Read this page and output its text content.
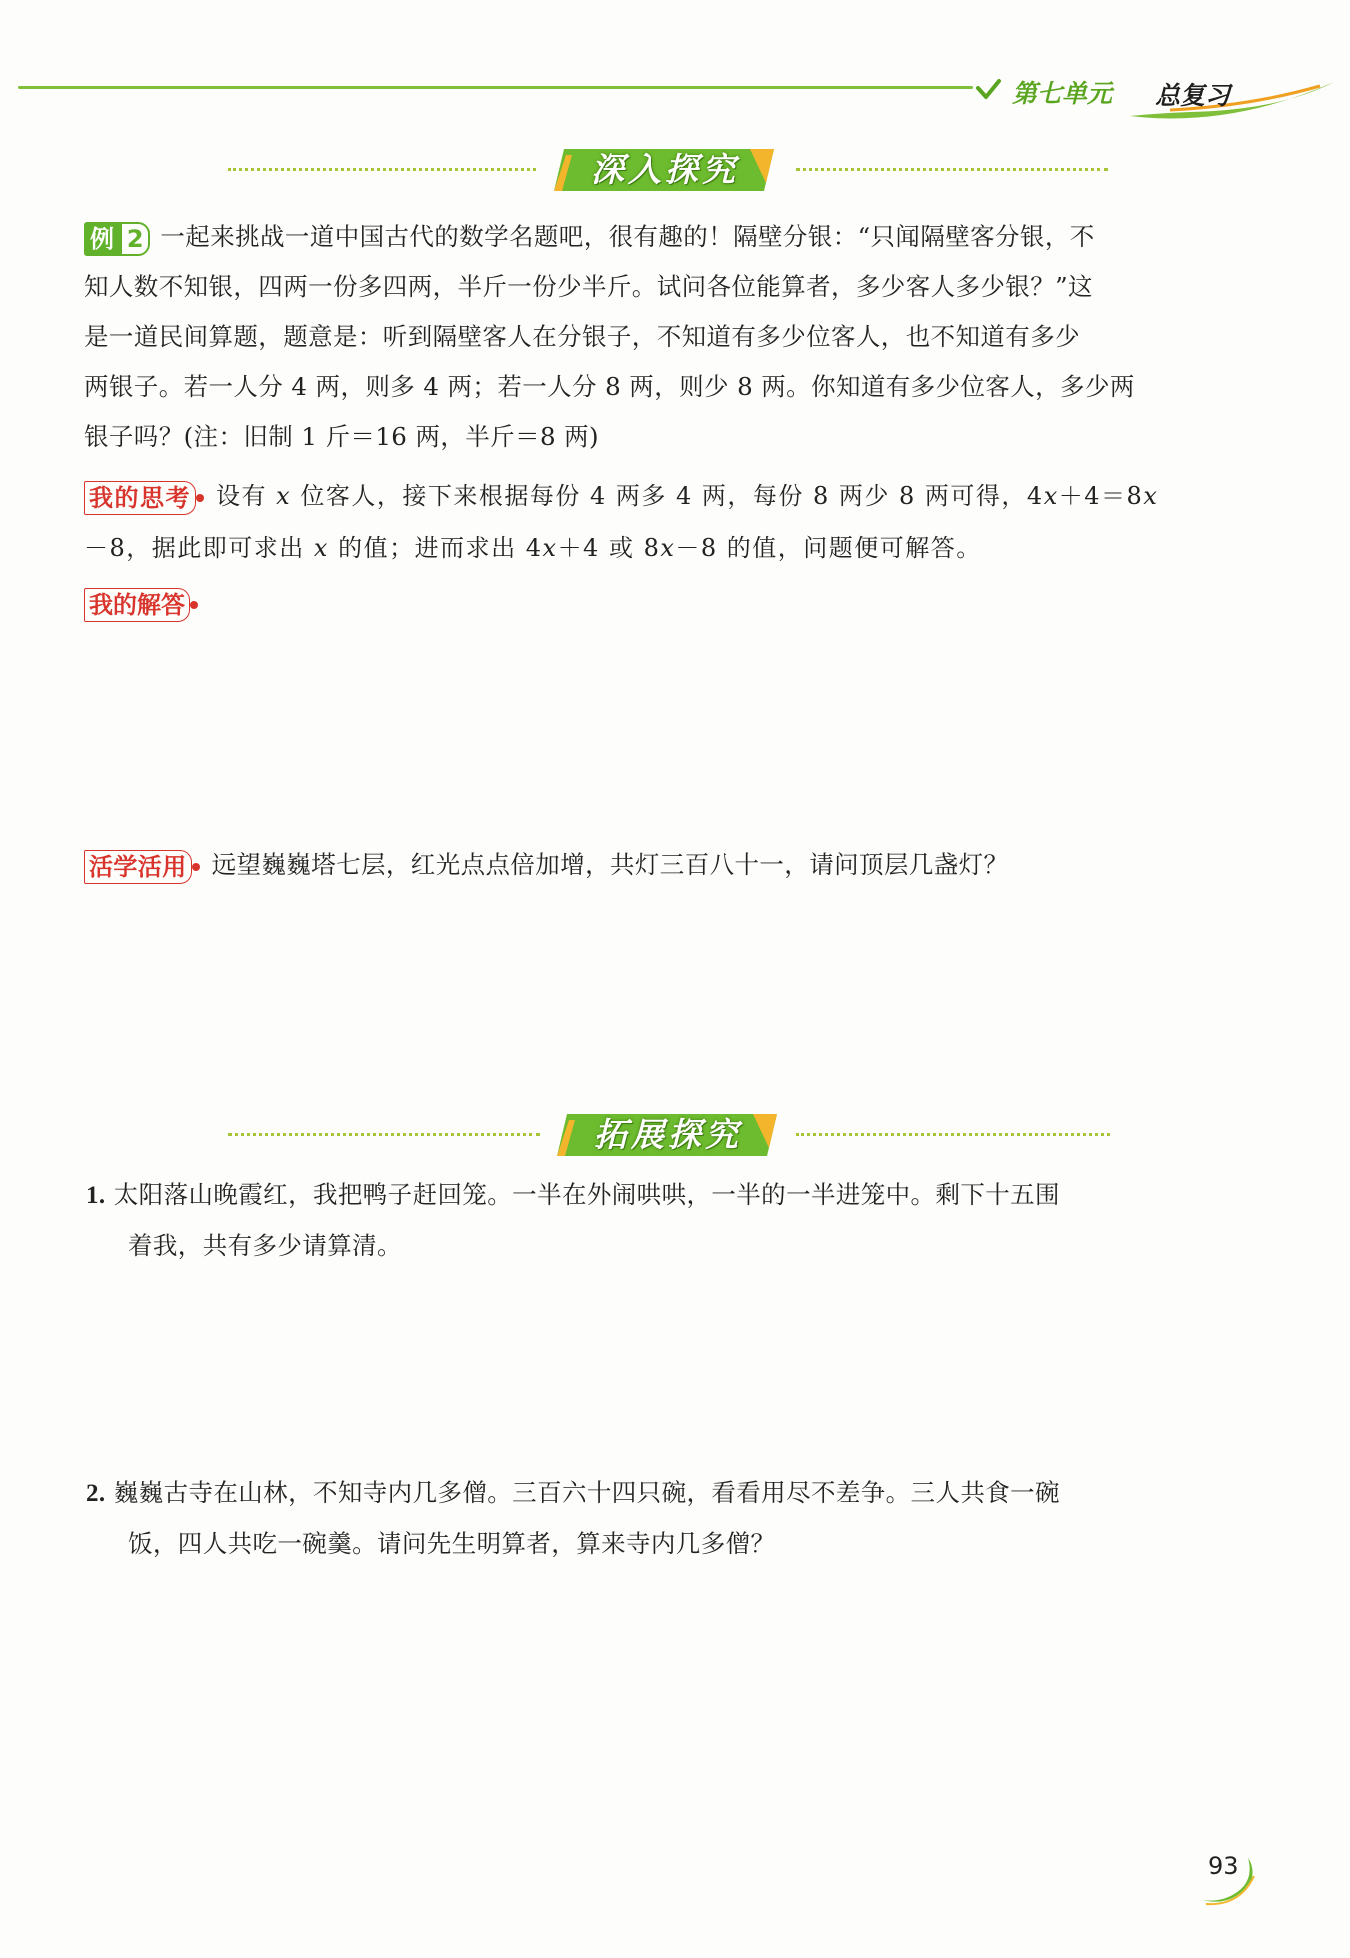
第七单元 总复习
深入探究

例 2 一起来挑战一道中国古代的数学名题吧，很有趣的！隔壁分银：“只闻隔壁客分银，不

知人数不知银，四两一份多四两，半斤一份少半斤。试问各位能算者，多少客人多少银？”这

是一道民间算题，题意是：听到隔壁客人在分银子，不知道有多少位客人，也不知道有多少

两银子。若一人分 4 两，则多 4 两；若一人分 8 两，则少 8 两。你知道有多少位客人，多少两

银子吗？(注：旧制 1 斤＝16 两，半斤＝8 两)

我的思考 设有 x 位客人，接下来根据每份 4 两多 4 两，每份 8 两少 8 两可得，4x＋4＝8x

－8，据此即可求出 x 的值；进而求出 4x＋4 或 8x－8 的值，问题便可解答。

我的解答

活学活用 远望巍巍塔七层，红光点点倍加增，共灯三百八十一，请问顶层几盏灯？

拓展探究

1. 太阳落山晚霞红，我把鸭子赶回笼。一半在外闹哄哄，一半的一半进笼中。剩下十五围

着我，共有多少请算清。

2. 巍巍古寺在山林，不知寺内几多僧。三百六十四只碗，看看用尽不差争。三人共食一碗

饭，四人共吃一碗羹。请问先生明算者，算来寺内几多僧？

93
